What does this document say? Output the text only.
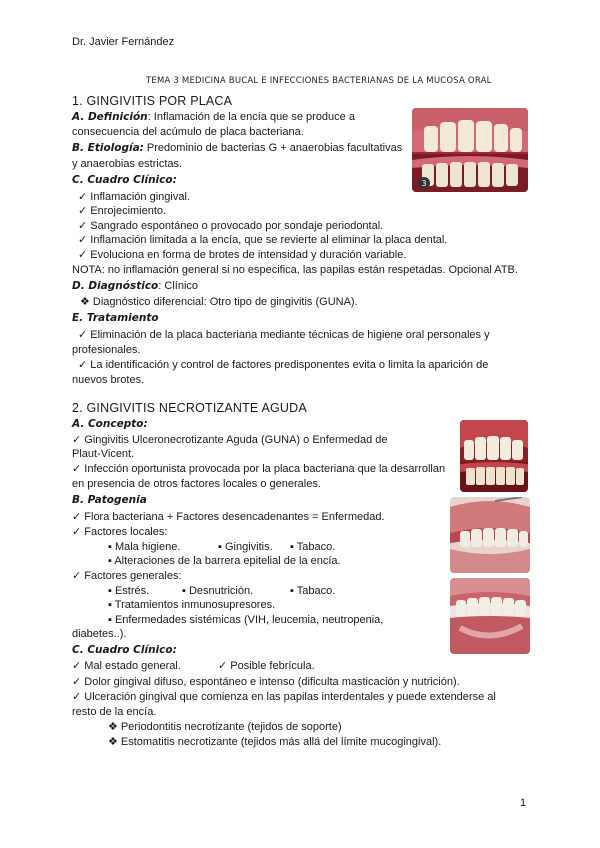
Dr. Javier Fernández
TEMA 3 MEDICINA BUCAL E INFECCIONES BACTERIANAS DE LA MUCOSA ORAL
1. GINGIVITIS POR PLACA
A. Definición: Inflamación de la encía que se produce a
consecuencia del acúmulo de placa bacteriana.
B. Etiología: Predominio de bacterias G + anaerobias facultativas
y anaerobias estrictas.
C. Cuadro Clínico:
✓ Inflamación gingival.
✓ Enrojecimiento.
✓ Sangrado espontáneo o provocado por sondaje periodontal.
✓ Inflamación limitada a la encía, que se revierte al eliminar la placa dental.
✓ Evoluciona en forma de brotes de intensidad y duración variable.
NOTA: no inflamación general si no especifica, las papilas están respetadas. Opcional ATB.
D. Diagnóstico: Clínico
❖ Diagnóstico diferencial: Otro tipo de gingivitis (GUNA).
E. Tratamiento
✓ Eliminación de la placa bacteriana mediante técnicas de higiene oral personales y
profesionales.
✓ La identificación y control de factores predisponentes evita o limita la aparición de
nuevos brotes.
3
2. GINGIVITIS NECROTIZANTE AGUDA
A. Concepto:
✓ Gingivitis Ulceronecrotizante Aguda (GUNA) o Enfermedad de
Plaut-Vicent.
✓ Infección oportunista provocada por la placa bacteriana que la desarrollan
en presencia de otros factores locales o generales.
B. Patogenia
✓ Flora bacteriana + Factores desencadenantes = Enfermedad.
✓ Factores locales:
▪ Mala higiene.	▪ Gingivitis. ▪ Tabaco.
▪ Alteraciones de la barrera epitelial de la encía.
✓ Factores generales:
▪ Estrés.	▪ Desnutrición.	▪ Tabaco.
▪ Tratamientos inmunosupresores.
▪ Enfermedades sistémicas (VIH, leucemia, neutropenia,
diabetes..).
C. Cuadro Clínico:
✓ Mal estado general.
✓	Posible febrícula.
✓ Dolor gingival difuso, espontáneo e intenso (dificulta masticación y nutrición).
✓ Ulceración gingival que comienza en las papilas interdentales y puede extenderse al
resto de la encía.
❖ Periodontitis necrotizante (tejidos de soporte)
❖ Estomatitis necrotizante (tejidos más allá del límite mucogingival).
1
